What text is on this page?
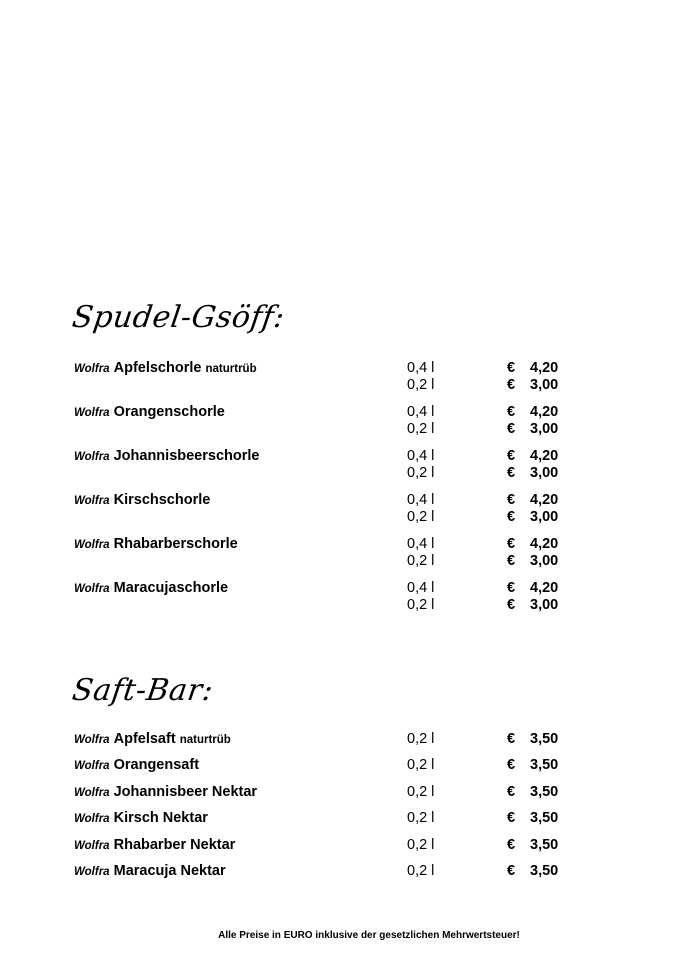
Spudel-Gsöff:
Wolfra Apfelschorle naturtrüb	0,4 l	€ 4,20
0,2 l	€ 3,00
Wolfra Orangenschorle	0,4 l	€ 4,20
0,2 l	€ 3,00
Wolfra Johannisbeerschorle	0,4 l	€ 4,20
0,2 l	€ 3,00
Wolfra Kirschschorle	0,4 l	€ 4,20
0,2 l	€ 3,00
Wolfra Rhabarberschorle	0,4 l	€ 4,20
0,2 l	€ 3,00
Wolfra Maracujaschorle	0,4 l	€ 4,20
0,2 l	€ 3,00
Saft-Bar:
Wolfra Apfelsaft naturtrüb	0,2 l	€ 3,50
Wolfra Orangensaft	0,2 l	€ 3,50
Wolfra Johannisbeer Nektar	0,2 l	€ 3,50
Wolfra Kirsch Nektar	0,2 l	€ 3,50
Wolfra Rhabarber Nektar	0,2 l	€ 3,50
Wolfra Maracuja Nektar	0,2 l	€ 3,50
Alle Preise in EURO inklusive der gesetzlichen Mehrwertsteuer!
